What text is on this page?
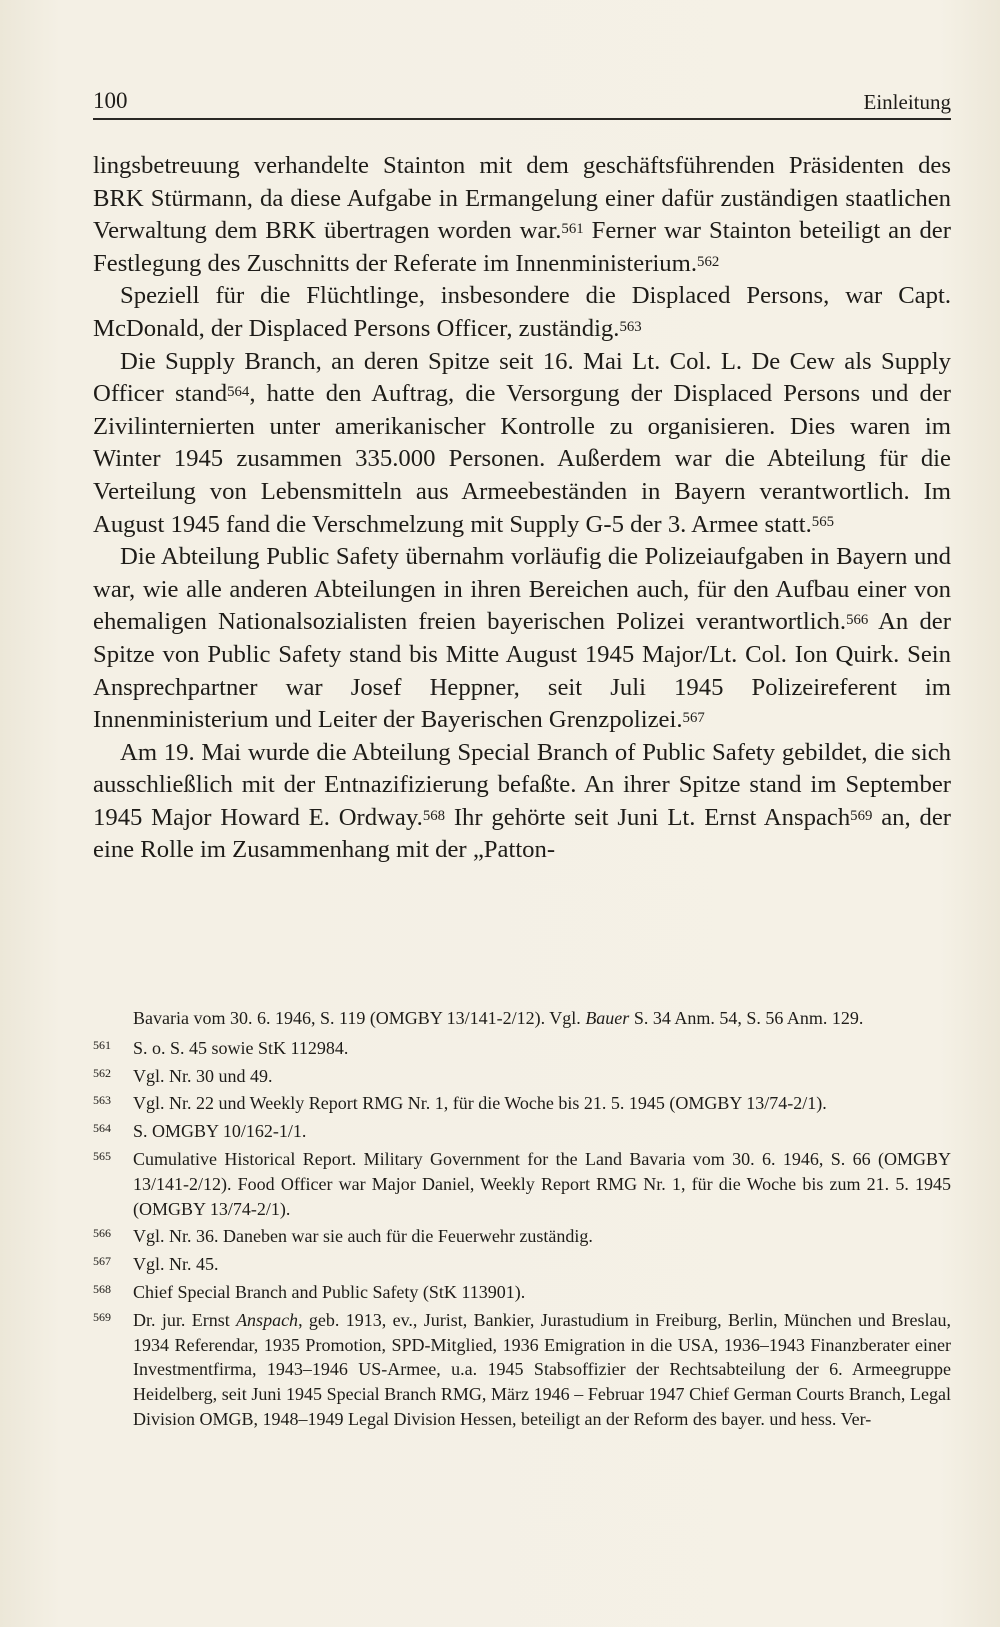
100	Einleitung

lingsbetreuung verhandelte Stainton mit dem geschäftsführenden Präsidenten des BRK Stürmann, da diese Aufgabe in Ermangelung einer dafür zuständigen staatlichen Verwaltung dem BRK übertragen worden war.$^{561}$ Ferner war Stainton beteiligt an der Festlegung des Zuschnitts der Referate im Innenministerium.$^{562}$

Speziell für die Flüchtlinge, insbesondere die Displaced Persons, war Capt. McDonald, der Displaced Persons Officer, zuständig.$^{563}$

Die Supply Branch, an deren Spitze seit 16. Mai Lt. Col. L. De Cew als Supply Officer stand$^{564}$, hatte den Auftrag, die Versorgung der Displaced Persons und der Zivilinternierten unter amerikanischer Kontrolle zu organisieren. Dies waren im Winter 1945 zusammen 335.000 Personen. Außerdem war die Abteilung für die Verteilung von Lebensmitteln aus Armeebeständen in Bayern verantwortlich. Im August 1945 fand die Verschmelzung mit Supply G-5 der 3. Armee statt.$^{565}$

Die Abteilung Public Safety übernahm vorläufig die Polizeiaufgaben in Bayern und war, wie alle anderen Abteilungen in ihren Bereichen auch, für den Aufbau einer von ehemaligen Nationalsozialisten freien bayerischen Polizei verantwortlich.$^{566}$ An der Spitze von Public Safety stand bis Mitte August 1945 Major/Lt. Col. Ion Quirk. Sein Ansprechpartner war Josef Heppner, seit Juli 1945 Polizeireferent im Innenministerium und Leiter der Bayerischen Grenzpolizei.$^{567}$

Am 19. Mai wurde die Abteilung Special Branch of Public Safety gebildet, die sich ausschließlich mit der Entnazifizierung befaßte. An ihrer Spitze stand im September 1945 Major Howard E. Ordway.$^{568}$ Ihr gehörte seit Juni Lt. Ernst Anspach$^{569}$ an, der eine Rolle im Zusammenhang mit der „Patton-

Bavaria vom 30. 6. 1946, S. 119 (OMGBY 13/141-2/12). Vgl. Bauer S. 34 Anm. 54, S. 56 Anm. 129.
561 S. o. S. 45 sowie StK 112984.
562 Vgl. Nr. 30 und 49.
563 Vgl. Nr. 22 und Weekly Report RMG Nr. 1, für die Woche bis 21. 5. 1945 (OMGBY 13/74-2/1).
564 S. OMGBY 10/162-1/1.
565 Cumulative Historical Report. Military Government for the Land Bavaria vom 30. 6. 1946, S. 66 (OMGBY 13/141-2/12). Food Officer war Major Daniel, Weekly Report RMG Nr. 1, für die Woche bis zum 21. 5. 1945 (OMGBY 13/74-2/1).
566 Vgl. Nr. 36. Daneben war sie auch für die Feuerwehr zuständig.
567 Vgl. Nr. 45.
568 Chief Special Branch and Public Safety (StK 113901).
569 Dr. jur. Ernst Anspach, geb. 1913, ev., Jurist, Bankier, Jurastudium in Freiburg, Berlin, München und Breslau, 1934 Referendar, 1935 Promotion, SPD-Mitglied, 1936 Emigration in die USA, 1936–1943 Finanzberater einer Investmentfirma, 1943–1946 US-Armee, u.a. 1945 Stabsoffizier der Rechtsabteilung der 6. Armeegruppe Heidelberg, seit Juni 1945 Special Branch RMG, März 1946 – Februar 1947 Chief German Courts Branch, Legal Division OMGB, 1948–1949 Legal Division Hessen, beteiligt an der Reform des bayer. und hess. Ver-
